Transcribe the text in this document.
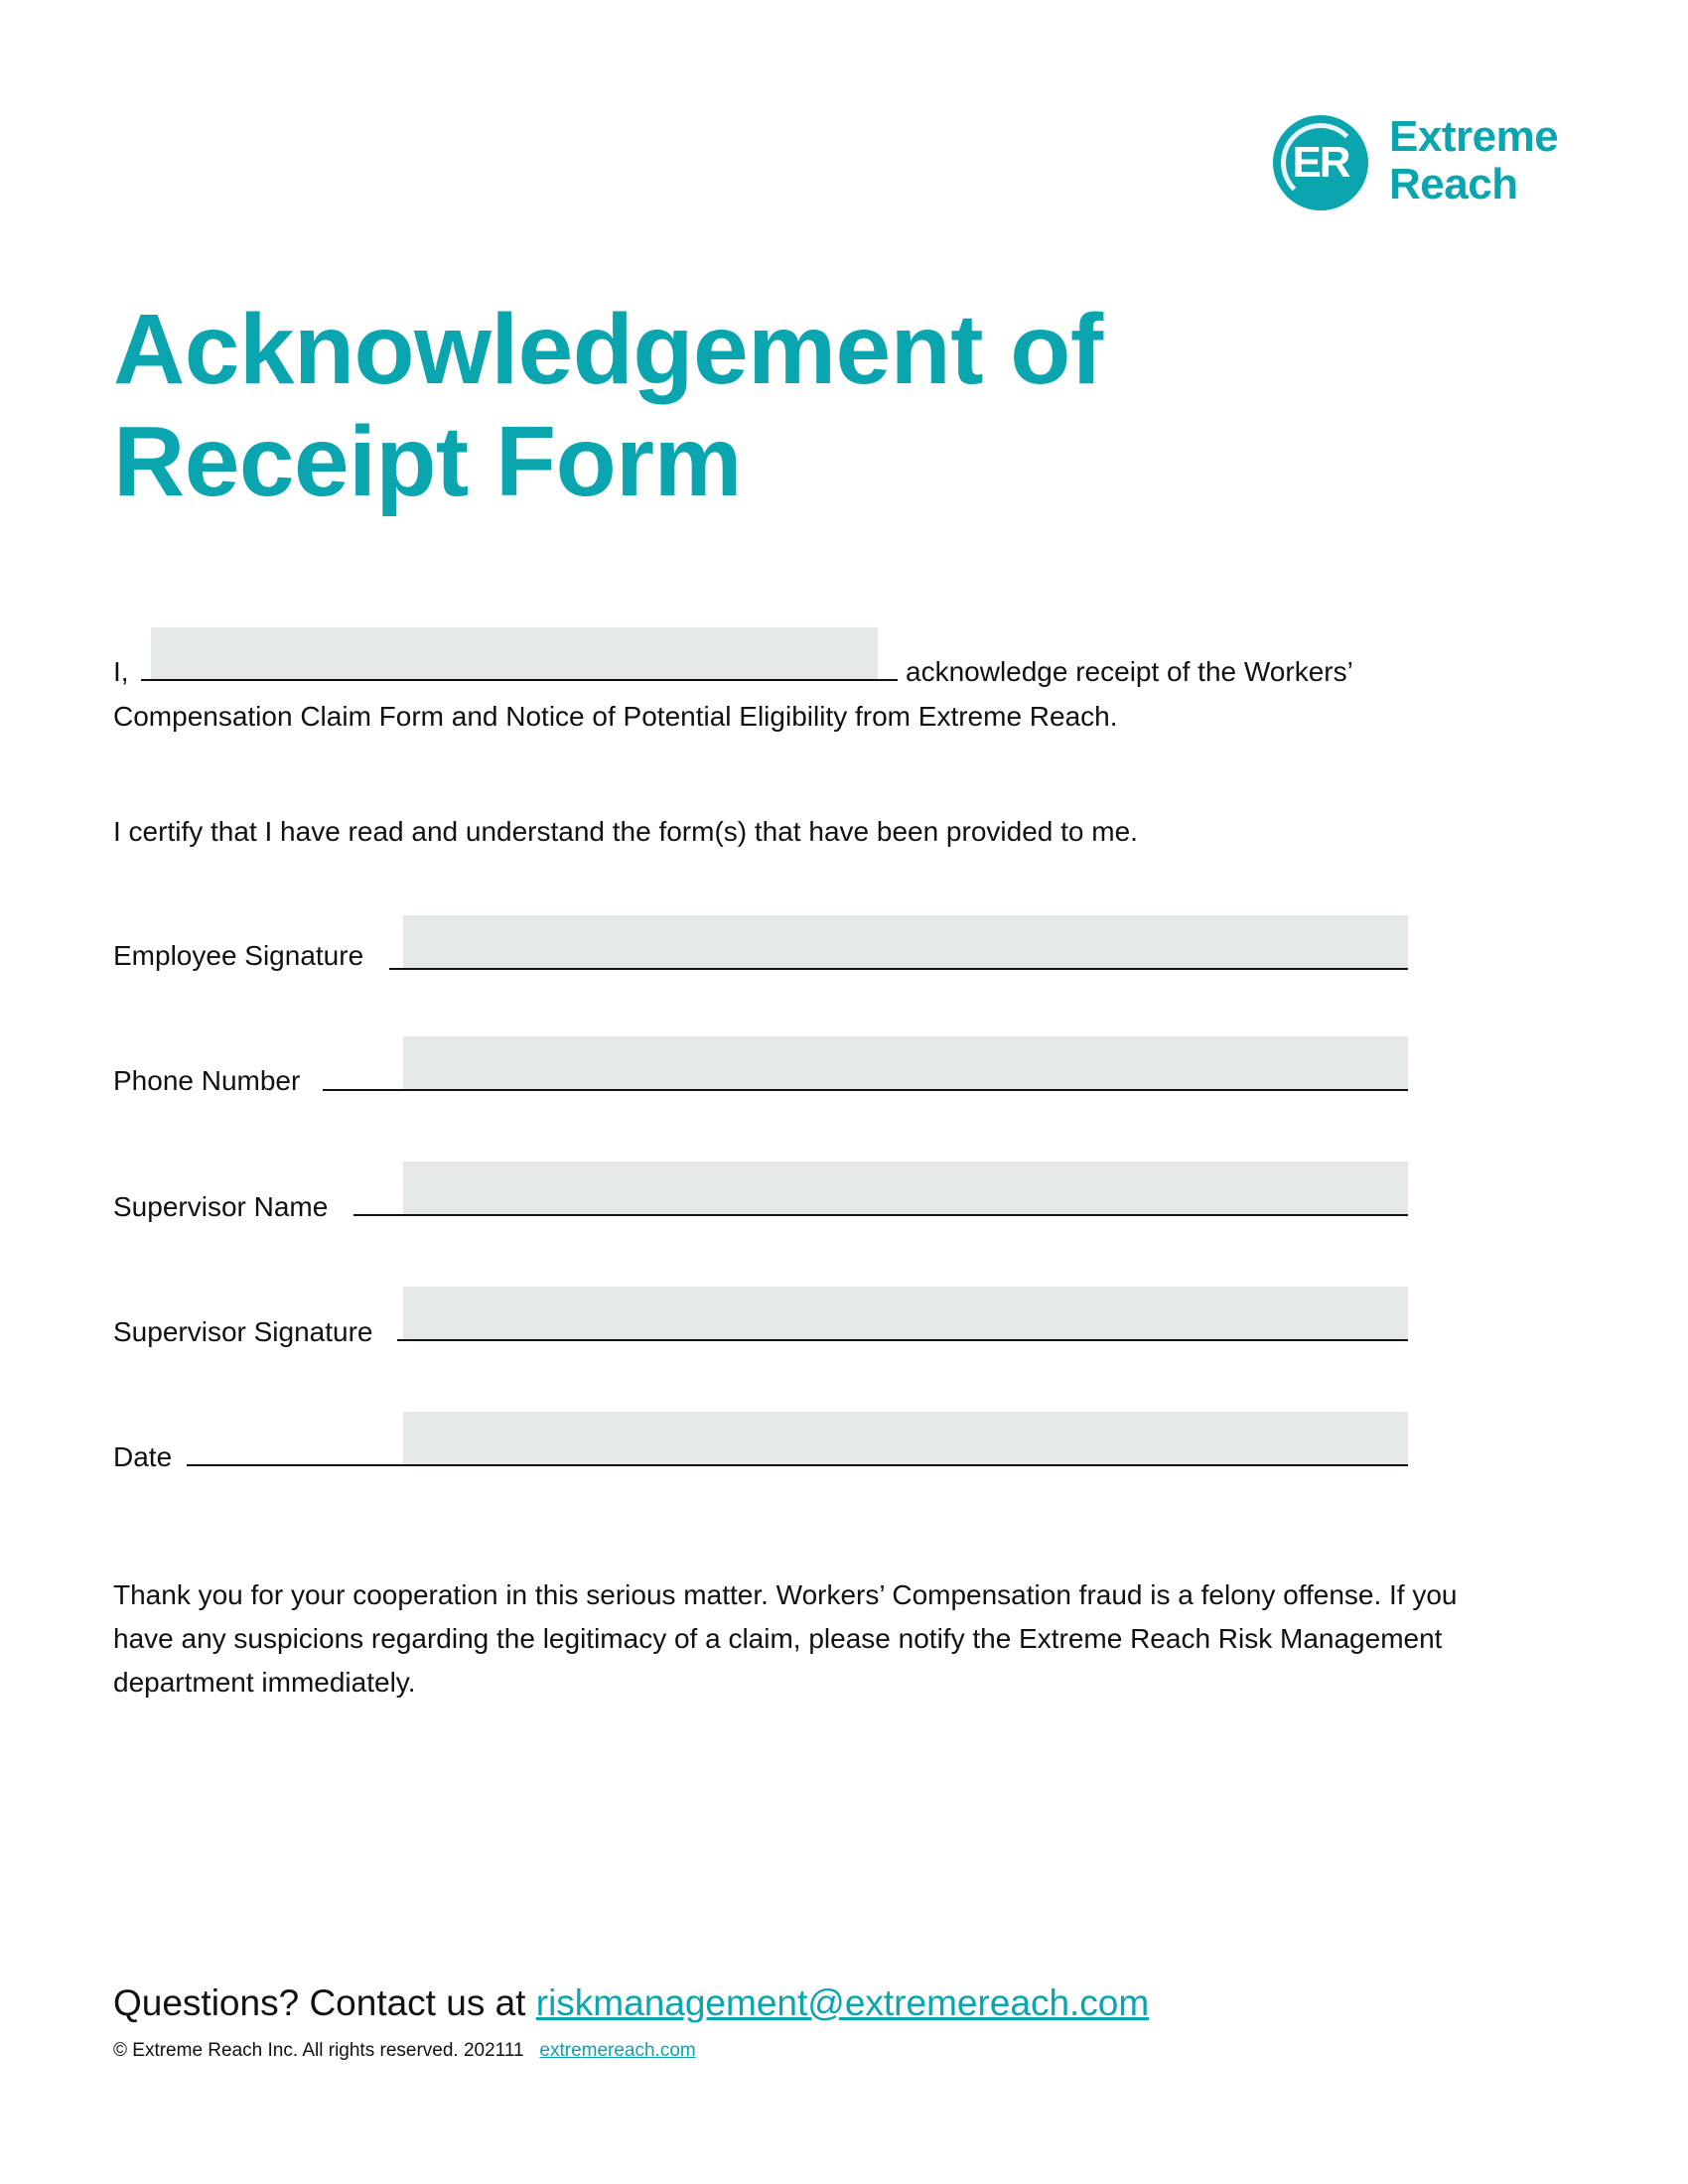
ER
Extreme
Reach
Acknowledgement of
Receipt Form
I,	acknowledge receipt of the Workers’
Compensation Claim Form and Notice of Potential Eligibility from Extreme Reach.
I certify that I have read and understand the form(s) that have been provided to me.
Employee Signature
Phone Number
Supervisor Name
Supervisor Signature
Date
Thank you for your cooperation in this serious matter. Workers’ Compensation fraud is a felony offense. If you
have any suspicions regarding the legitimacy of a claim, please notify the Extreme Reach Risk Management
department immediately.
Questions? Contact us at riskmanagement@extremereach.com
© Extreme Reach Inc. All rights reserved. 202111 extremereach.com
